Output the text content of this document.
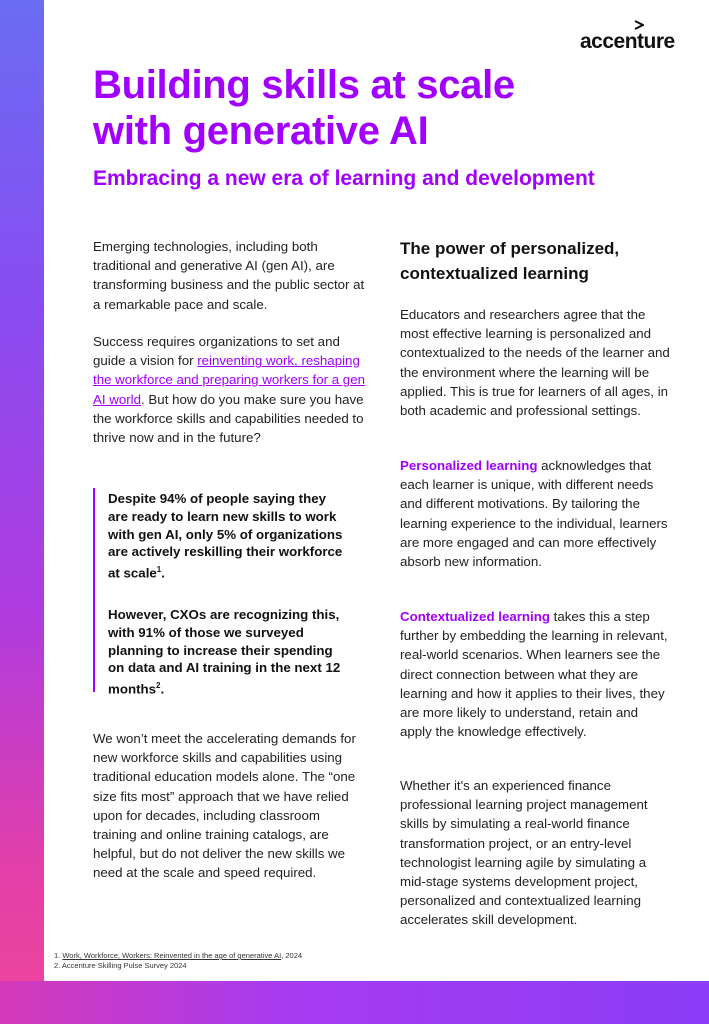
accenture
Building skills at scale
with generative AI
Embracing a new era of learning and development

Emerging technologies, including both traditional and generative AI (gen AI), are transforming business and the public sector at a remarkable pace and scale.

Success requires organizations to set and guide a vision for reinventing work, reshaping the workforce and preparing workers for a gen AI world. But how do you make sure you have the workforce skills and capabilities needed to thrive now and in the future?

Despite 94% of people saying they are ready to learn new skills to work with gen AI, only 5% of organizations are actively reskilling their workforce at scale$^1$.

However, CXOs are recognizing this, with 91% of those we surveyed planning to increase their spending on data and AI training in the next 12 months$^2$.

We won’t meet the accelerating demands for new workforce skills and capabilities using traditional education models alone. The “one size fits most” approach that we have relied upon for decades, including classroom training and online training catalogs, are helpful, but do not deliver the new skills we need at the scale and speed required.

The power of personalized, contextualized learning

Educators and researchers agree that the most effective learning is personalized and contextualized to the needs of the learner and the environment where the learning will be applied. This is true for learners of all ages, in both academic and professional settings.

Personalized learning acknowledges that each learner is unique, with different needs and different motivations. By tailoring the learning experience to the individual, learners are more engaged and can more effectively absorb new information.

Contextualized learning takes this a step further by embedding the learning in relevant, real-world scenarios. When learners see the direct connection between what they are learning and how it applies to their lives, they are more likely to understand, retain and apply the knowledge effectively.

Whether it's an experienced finance professional learning project management skills by simulating a real-world finance transformation project, or an entry-level technologist learning agile by simulating a mid-stage systems development project, personalized and contextualized learning accelerates skill development.

1. Work, Workforce, Workers: Reinvented in the age of generative AI, 2024
2. Accenture Skilling Pulse Survey 2024
